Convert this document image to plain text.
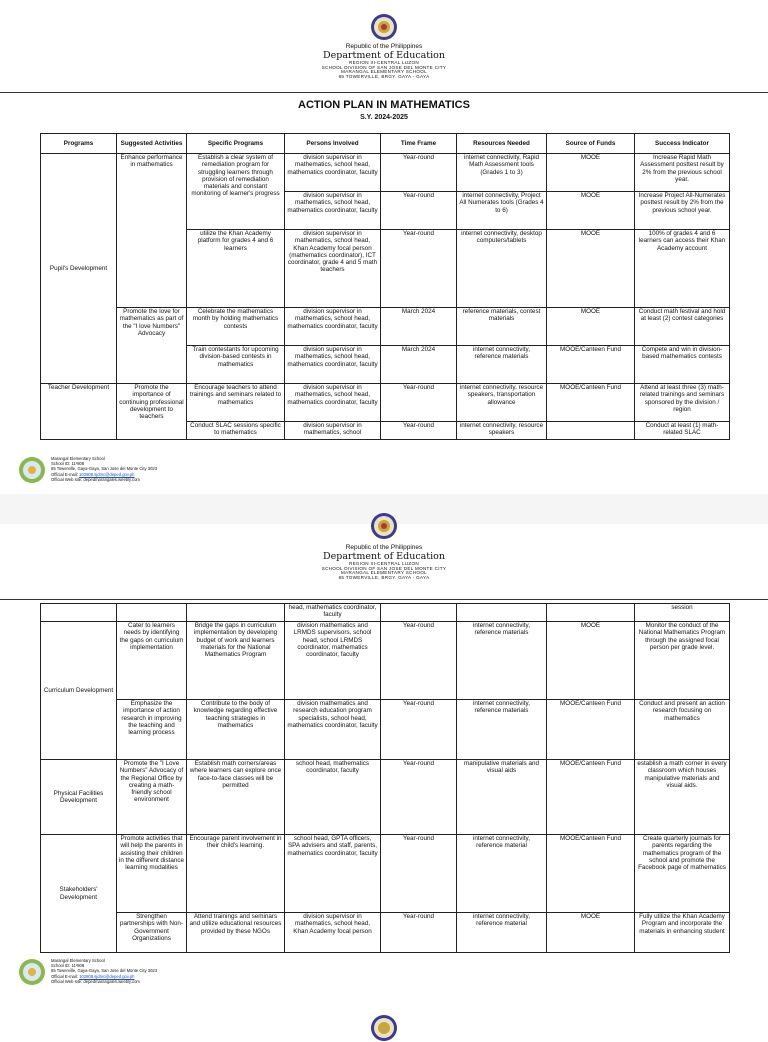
Republic of the Philippines
Department of Education
REGION III-CENTRAL LUZON
SCHOOL DIVISION OF SAN JOSE DEL MONTE CITY
MARANGAL ELEMENTARY SCHOOL
65 TOWERVILLE, BRGY. GAYA - GAYA
ACTION PLAN IN MATHEMATICS
S.Y. 2024-2025
Programs	Suggested Activities	Specific Programs	Persons Involved	Time Frame	Resources Needed	Source of Funds	Success Indicator
Pupil's Development	Enhance performance in mathematics	Establish a clear system of remediation program for struggling learners through provision of remediation materials and constant monitoring of learner's progress	division supervisor in mathematics, school head, mathematics coordinator, faculty	Year-round	internet connectivity, Rapid Math Assessment tools (Grades 1 to 3)	MOOE	Increase Rapid Math Assessment posttest result by 2% from the previous school year.
			division supervisor in mathematics, school head, mathematics coordinator, faculty	Year-round	internet connectivity, Project All Numerates tools (Grades 4 to 6)	MOOE	Increase Project All-Numerates posttest result by 2% from the previous school year.
		utilize the Khan Academy platform for grades 4 and 6 learners	division supervisor in mathematics, school head, Khan Academy focal person (mathematics coordinator), ICT coordinator, grade 4 and 5 math teachers	Year-round	internet connectivity, desktop computers/tablets	MOOE	100% of grades 4 and 6 learners can access their Khan Academy account
	Promote the love for mathematics as part of the "I love Numbers" Advocacy	Celebrate the mathematics month by holding mathematics contests	division supervisor in mathematics, school head, mathematics coordinator, faculty	March 2024	reference materials, contest materials	MOOE	Conduct math festival and hold at least (2) contest categories
		Train contestants for upcoming division-based contests in mathematics	division supervisor in mathematics, school head, mathematics coordinator, faculty	March 2024	internet connectivity, reference materials	MOOE/Canteen Fund	Compete and win in division-based mathematics contests
Teacher Development	Promote the importance of continuing professional development to teachers	Encourage teachers to attend trainings and seminars related to mathematics	division supervisor in mathematics, school head, mathematics coordinator, faculty	Year-round	internet connectivity, resource speakers, transportation allowance	MOOE/Canteen Fund	Attend at least three (3) math-related trainings and seminars sponsored by the division / region
		Conduct SLAC sessions specific to mathematics	division supervisor in mathematics, school	Year-round	internet connectivity, resource speakers		Conduct at least (1) math-related SLAC
Marangal Elementary School
School ID: 11²808
65 Towerville, Gaya-Gaya, San Jose del Monte City 3023
Official E-mail: 102808.sjdmc@deped.gov.ph
Official Web site: depedmarangales.weebly.com
Republic of the Philippines
Department of Education
REGION III-CENTRAL LUZON
SCHOOL DIVISION OF SAN JOSE DEL MONTE CITY
MARANGAL ELEMENTARY SCHOOL
65 TOWERVILLE, BRGY. GAYA - GAYA
			head, mathematics coordinator, faculty				session
Curriculum Development	Cater to learners needs by identifying the gaps on curriculum implementation	Bridge the gaps in curriculum implementation by developing budget of work and learners materials for the National Mathematics Program	division mathematics and LRMDS supervisors, school head, school LRMDS coordinator, mathematics coordinator, faculty	Year-round	internet connectivity, reference materials	MOOE	Monitor the conduct of the National Mathematics Program through the assigned focal person per grade level.
	Emphasize the importance of action research in improving the teaching and learning process	Contribute to the body of knowledge regarding effective teaching strategies in mathematics	division mathematics and research education program specialists, school head, mathematics coordinator, faculty	Year-round	internet connectivity, reference materials	MOOE/Canteen Fund	Conduct and present an action research focusing on mathematics
Physical Facilities Development	Promote the "I Love Numbers" Advocacy of the Regional Office by creating a math-friendly school environment	Establish math corners/areas where learners can explore once face-to-face classes will be permitted	school head, mathematics coordinator, faculty	Year-round	manipulative materials and visual aids	MOOE/Canteen Fund	establish a math corner in every classroom which houses manipulative materials and visual aids.
Stakeholders' Development	Promote activities that will help the parents in assisting their children in the different distance learning modalities	Encourage parent involvement in their child's learning.	school head, GPTA officers, SPA advisers and staff, parents, mathematics coordinator, faculty	Year-round	internet connectivity, reference material	MOOE/Canteen Fund	Create quarterly journals for parents regarding the mathematics program of the school and promote the Facebook page of mathematics
	Strengthen partnerships with Non-Government Organizations	Attend trainings and seminars and utilize educational resources provided by these NGOs	division supervisor in mathematics, school head, Khan Academy focal person	Year-round	internet connectivity, reference material	MOOE	Fully utilize the Khan Academy Program and incorporate the materials in enhancing student
Marangal Elementary School
School ID: 11²808
65 Towerville, Gaya-Gaya, San Jose del Monte City 3023
Official E-mail: 102808.sjdmc@deped.gov.ph
Official Web site: depedmarangales.weebly.com
